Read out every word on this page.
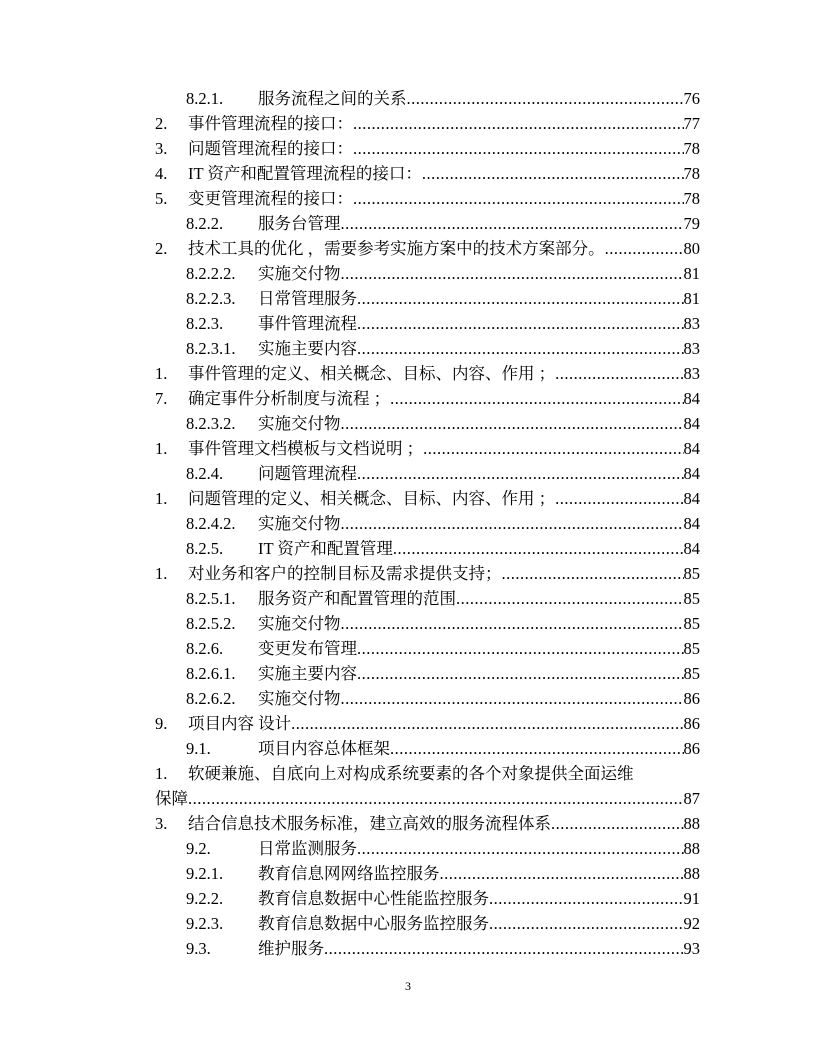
8.2.1.	服务流程之间的关系 .....	76
2.	事件管理流程的接口： .....	77
3.	问题管理流程的接口： .....	78
4.	IT 资产和配置管理流程的接口： .....	78
5.	变更管理流程的接口： .....	78
8.2.2.	服务台管理 .....	79
2.	技术工具的优化 ，需要参考实施方案中的技术方案部分。 .....	80
8.2.2.2.	实施交付物 .....	81
8.2.2.3.	日常管理服务 .....	81
8.2.3.	事件管理流程 .....	83
8.2.3.1.	实施主要内容 .....	83
1.	事件管理的定义、相关概念、目标、内容、作用 ； .....	83
7.	确定事件分析制度与流程 ； .....	84
8.2.3.2.	实施交付物 .....	84
1.	事件管理文档模板与文档说明 ； .....	84
8.2.4.	问题管理流程 .....	84
1.	问题管理的定义、相关概念、目标、内容、作用 ； .....	84
8.2.4.2.	实施交付物 .....	84
8.2.5.	IT 资产和配置管理 .....	84
1.	对业务和客户的控制目标及需求提供支持； .....	85
8.2.5.1.	服务资产和配置管理的范围 .....	85
8.2.5.2.	实施交付物 .....	85
8.2.6.	变更发布管理 .....	85
8.2.6.1.	实施主要内容 .....	85
8.2.6.2.	实施交付物 .....	86
9.	项目内容 设计 .....	86
9.1.	项目内容总体框架 .....	86
1.	软硬兼施、自底向上对构成系统要素的各个对象提供全面运维
保障 .....	87
3.	结合信息技术服务标准，建立高效的服务流程体系 .....	88
9.2.	日常监测服务 .....	88
9.2.1.	教育信息网网络监控服务 .....	88
9.2.2.	教育信息数据中心性能监控服务 .....	91
9.2.3.	教育信息数据中心服务监控服务 .....	92
9.3.	维护服务 .....	93
3
